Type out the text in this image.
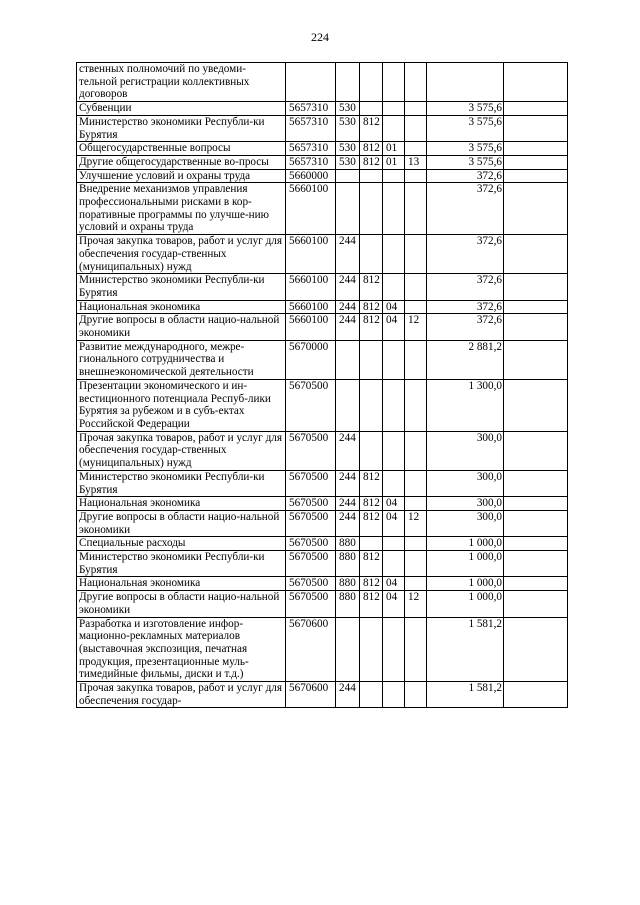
224
ственных полномочий по уведоми-тельной регистрации коллективных договоров							
Субвенции	5657310	530				3 575,6	
Министерство экономики Республи-ки Бурятия	5657310	530	812			3 575,6	
Общегосударственные вопросы	5657310	530	812	01		3 575,6	
Другие общегосударственные во-просы	5657310	530	812	01	13	3 575,6	
Улучшение условий и охраны труда	5660000					372,6	
Внедрение механизмов управления профессиональными рисками в кор-поративные программы по улучше-нию условий и охраны труда	5660100					372,6	
Прочая закупка товаров, работ и услуг для обеспечения государ-ственных (муниципальных) нужд	5660100	244				372,6	
Министерство экономики Республи-ки Бурятия	5660100	244	812			372,6	
Национальная экономика	5660100	244	812	04		372,6	
Другие вопросы в области нацио-нальной экономики	5660100	244	812	04	12	372,6	
Развитие международного, межре-гионального сотрудничества и внешнеэкономической деятельности	5670000					2 881,2	
Презентации экономического и ин-вестиционного потенциала Респуб-лики Бурятия за рубежом и в субъ-ектах Российской Федерации	5670500					1 300,0	
Прочая закупка товаров, работ и услуг для обеспечения государ-ственных (муниципальных) нужд	5670500	244				300,0	
Министерство экономики Республи-ки Бурятия	5670500	244	812			300,0	
Национальная экономика	5670500	244	812	04		300,0	
Другие вопросы в области нацио-нальной экономики	5670500	244	812	04	12	300,0	
Специальные расходы	5670500	880				1 000,0	
Министерство экономики Республи-ки Бурятия	5670500	880	812			1 000,0	
Национальная экономика	5670500	880	812	04		1 000,0	
Другие вопросы в области нацио-нальной экономики	5670500	880	812	04	12	1 000,0	
Разработка и изготовление инфор-мационно-рекламных материалов (выставочная экспозиция, печатная продукция, презентационные муль-тимедийные фильмы, диски и т.д.)	5670600					1 581,2	
Прочая закупка товаров, работ и услуг для обеспечения государ-	5670600	244				1 581,2	
